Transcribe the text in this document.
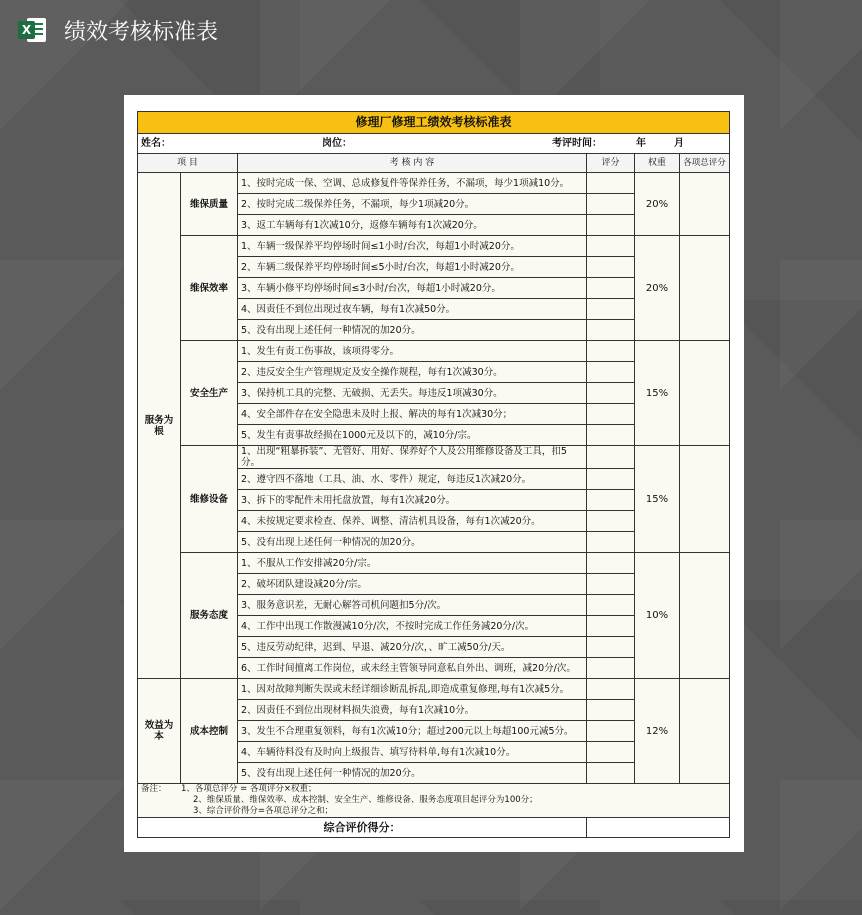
X 绩效考核标准表
修理厂修理工绩效考核标准表					

姓名： 岗位： 考评时间： 年 月					

项 目		考 核 内 容	评分	权重	各项总评分
服务为根	维保质量	1、按时完成一保、空调、总成修复件等保养任务，不漏项，每少1项减10分。		20%	
		2、按时完成二级保养任务，不漏项，每少1项减20分。			
		3、返工车辆每有1次减10分，返修车辆每有1次减20分。			
	维保效率	1、车辆一级保养平均停场时间≤1小时/台次，每超1小时减20分。		20%	
		2、车辆二级保养平均停场时间≤5小时/台次，每超1小时减20分。			
		3、车辆小修平均停场时间≤3小时/台次，每超1小时减20分。			
		4、因责任不到位出现过夜车辆，每有1次减50分。			
		5、没有出现上述任何一种情况的加20分。			
	安全生产	1、发生有责工伤事故，该项得零分。		15%	
		2、违反安全生产管理规定及安全操作规程，每有1次减30分。			
		3、保持机工具的完整、无破损、无丢失。每违反1项减30分。			
		4、安全部件存在安全隐患未及时上报、解决的每有1次减30分；			
		5、发生有责事故经损在1000元及以下的，减10分/宗。			
	维修设备	1、出现“粗暴拆装”、无管好、用好、保养好个人及公用维修设备及工具，扣5分。		15%	
		2、遵守四不落地（工具、油、水、零件）规定，每违反1次减20分。			
		3、拆下的零配件未用托盘放置，每有1次减20分。			
		4、未按规定要求检查、保养、调整、清洁机具设备，每有1次减20分。			
		5、没有出现上述任何一种情况的加20分。			
	服务态度	1、不服从工作安排减20分/宗。		10%	
		2、破坏团队建设减20分/宗。			
		3、服务意识差，无耐心解答司机问题扣5分/次。			
		4、工作中出现工作散漫减10分/次，不按时完成工作任务减20分/次。			
		5、违反劳动纪律，迟到、早退、减20分/次，、旷工减50分/天。			
		6、工作时间擅离工作岗位，或未经主管领导同意私自外出、调班，减20分/次。			
效益为本	成本控制	1、因对故障判断失误或未经详细诊断乱拆乱,即造成重复修理,每有1次减5分。		12%	
		2、因责任不到位出现材料损失浪费，每有1次减10分。			
		3、发生不合理重复领料，每有1次减10分；超过200元以上每超100元减5分。			
		4、车辆待料没有及时向上级报告、填写待料单,每有1次减10分。			
		5、没有出现上述任何一种情况的加20分。			

备注： 1、各项总评分 = 各项评分×权重；
2、维保质量、维保效率、成本控制、安全生产、维修设备、服务态度项目起评分为100分；
3、综合评价得分=各项总评分之和；					

综合评价得分：					
